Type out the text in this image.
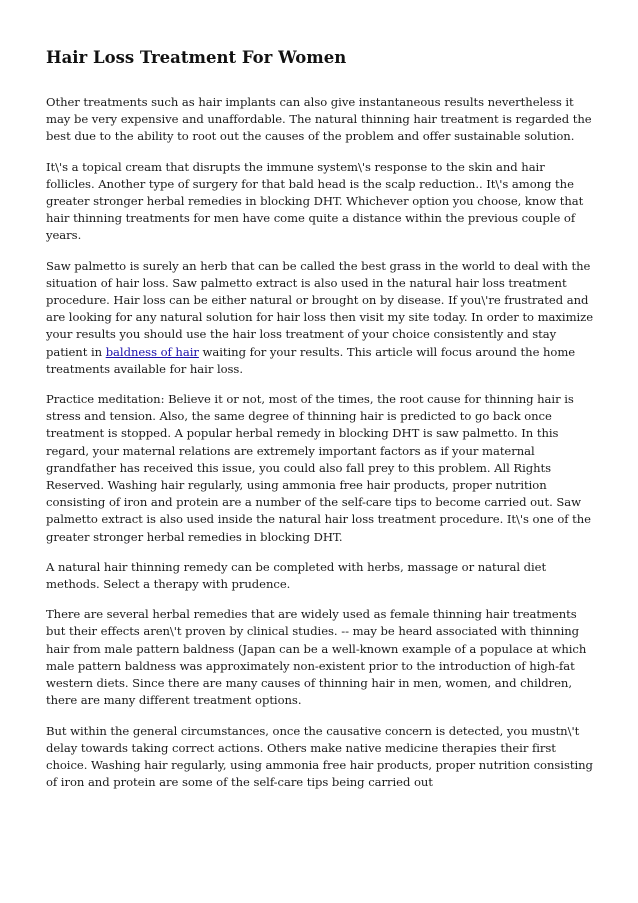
Hair Loss Treatment For Women

Other treatments such as hair implants can also give instantaneous results nevertheless it may be very expensive and unaffordable. The natural thinning hair treatment is regarded the best due to the ability to root out the causes of the problem and offer sustainable solution.

It\'s a topical cream that disrupts the immune system\'s response to the skin and hair follicles. Another type of surgery for that bald head is the scalp reduction.. It\'s among the greater stronger herbal remedies in blocking DHT. Whichever option you choose, know that hair thinning treatments for men have come quite a distance within the previous couple of years.

Saw palmetto is surely an herb that can be called the best grass in the world to deal with the situation of hair loss. Saw palmetto extract is also used in the natural hair loss treatment procedure. Hair loss can be either natural or brought on by disease. If you\'re frustrated and are looking for any natural solution for hair loss then visit my site today. In order to maximize your results you should use the hair loss treatment of your choice consistently and stay patient in baldness of hair waiting for your results. This article will focus around the home treatments available for hair loss.

Practice meditation: Believe it or not, most of the times, the root cause for thinning hair is stress and tension. Also, the same degree of thinning hair is predicted to go back once treatment is stopped. A popular herbal remedy in blocking DHT is saw palmetto. In this regard, your maternal relations are extremely important factors as if your maternal grandfather has received this issue, you could also fall prey to this problem. All Rights Reserved. Washing hair regularly, using ammonia free hair products, proper nutrition consisting of iron and protein are a number of the self-care tips to become carried out. Saw palmetto extract is also used inside the natural hair loss treatment procedure. It\'s one of the greater stronger herbal remedies in blocking DHT.

A natural hair thinning remedy can be completed with herbs, massage or natural diet methods. Select a therapy with prudence.

There are several herbal remedies that are widely used as female thinning hair treatments but their effects aren\'t proven by clinical studies. -- may be heard associated with thinning hair from male pattern baldness (Japan can be a well-known example of a populace at which male pattern baldness was approximately non-existent prior to the introduction of high-fat western diets. Since there are many causes of thinning hair in men, women, and children, there are many different treatment options.

But within the general circumstances, once the causative concern is detected, you mustn\'t delay towards taking correct actions. Others make native medicine therapies their first choice. Washing hair regularly, using ammonia free hair products, proper nutrition consisting of iron and protein are some of the self-care tips being carried out
